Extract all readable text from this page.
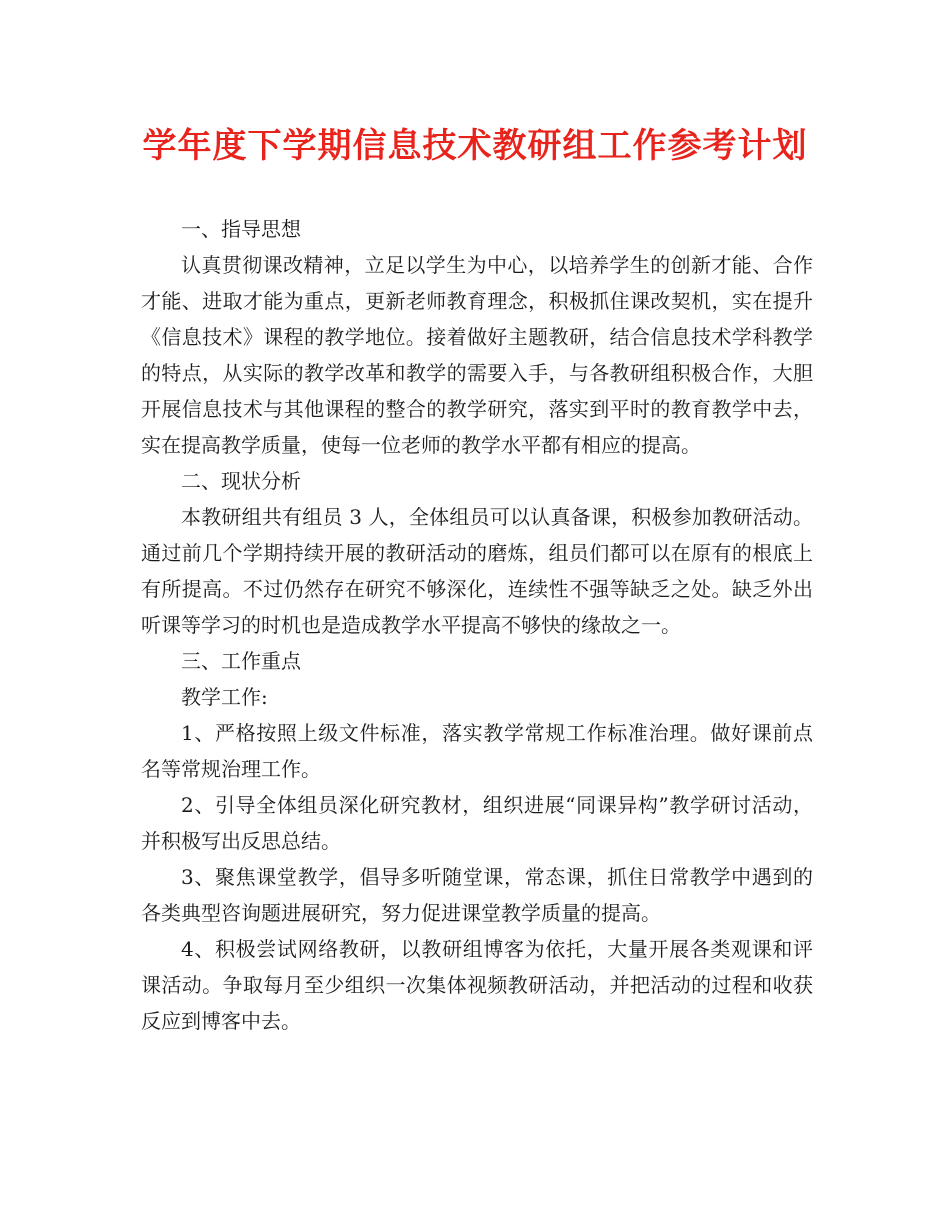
学年度下学期信息技术教研组工作参考计划

一、指导思想

认真贯彻课改精神，立足以学生为中心，以培养学生的创新才能、合作才能、进取才能为重点，更新老师教育理念，积极抓住课改契机，实在提升《信息技术》课程的教学地位。接着做好主题教研，结合信息技术学科教学的特点，从实际的教学改革和教学的需要入手，与各教研组积极合作，大胆开展信息技术与其他课程的整合的教学研究，落实到平时的教育教学中去，实在提高教学质量，使每一位老师的教学水平都有相应的提高。

二、现状分析

本教研组共有组员 3 人，全体组员可以认真备课，积极参加教研活动。通过前几个学期持续开展的教研活动的磨炼，组员们都可以在原有的根底上有所提高。不过仍然存在研究不够深化，连续性不强等缺乏之处。缺乏外出听课等学习的时机也是造成教学水平提高不够快的缘故之一。

三、工作重点

教学工作:

1、严格按照上级文件标准，落实教学常规工作标准治理。做好课前点名等常规治理工作。

2、引导全体组员深化研究教材，组织进展“同课异构”教学研讨活动，并积极写出反思总结。

3、聚焦课堂教学，倡导多听随堂课，常态课，抓住日常教学中遇到的各类典型咨询题进展研究，努力促进课堂教学质量的提高。

4、积极尝试网络教研，以教研组博客为依托，大量开展各类观课和评课活动。争取每月至少组织一次集体视频教研活动，并把活动的过程和收获反应到博客中去。
